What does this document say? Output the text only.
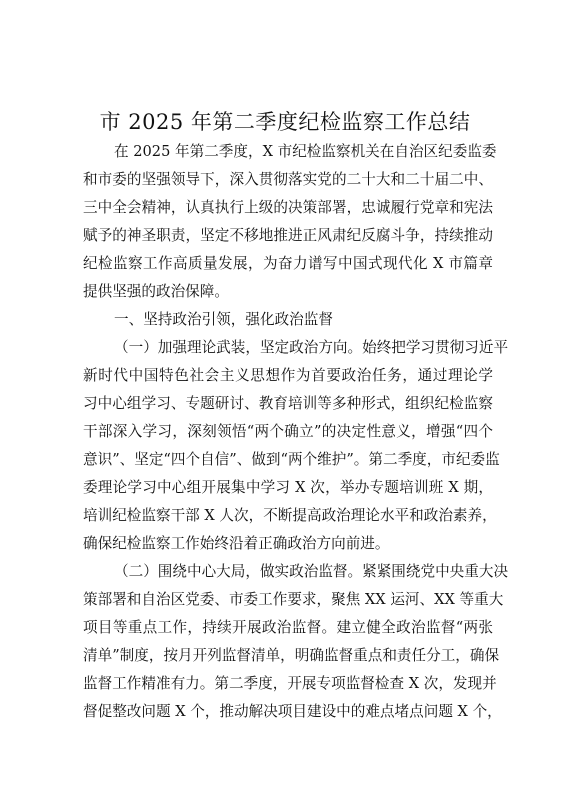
市 2025 年第二季度纪检监察工作总结
在 2025 年第二季度，X 市纪检监察机关在自治区纪委监委
和市委的坚强领导下，深入贯彻落实党的二十大和二十届二中、
三中全会精神，认真执行上级的决策部署，忠诚履行党章和宪法
赋予的神圣职责，坚定不移地推进正风肃纪反腐斗争，持续推动
纪检监察工作高质量发展，为奋力谱写中国式现代化 X 市篇章
提供坚强的政治保障。
一、坚持政治引领，强化政治监督
（一）加强理论武装，坚定政治方向。始终把学习贯彻习近平
新时代中国特色社会主义思想作为首要政治任务，通过理论学
习中心组学习、专题研讨、教育培训等多种形式，组织纪检监察
干部深入学习，深刻领悟“两个确立”的决定性意义，增强“四个
意识”、坚定“四个自信”、做到“两个维护”。第二季度，市纪委监
委理论学习中心组开展集中学习 X 次，举办专题培训班 X 期，
培训纪检监察干部 X 人次，不断提高政治理论水平和政治素养，
确保纪检监察工作始终沿着正确政治方向前进。
（二）围绕中心大局，做实政治监督。紧紧围绕党中央重大决
策部署和自治区党委、市委工作要求，聚焦 XX 运河、XX 等重大
项目等重点工作，持续开展政治监督。建立健全政治监督“两张
清单”制度，按月开列监督清单，明确监督重点和责任分工，确保
监督工作精准有力。第二季度，开展专项监督检查 X 次，发现并
督促整改问题 X 个，推动解决项目建设中的难点堵点问题 X 个，
